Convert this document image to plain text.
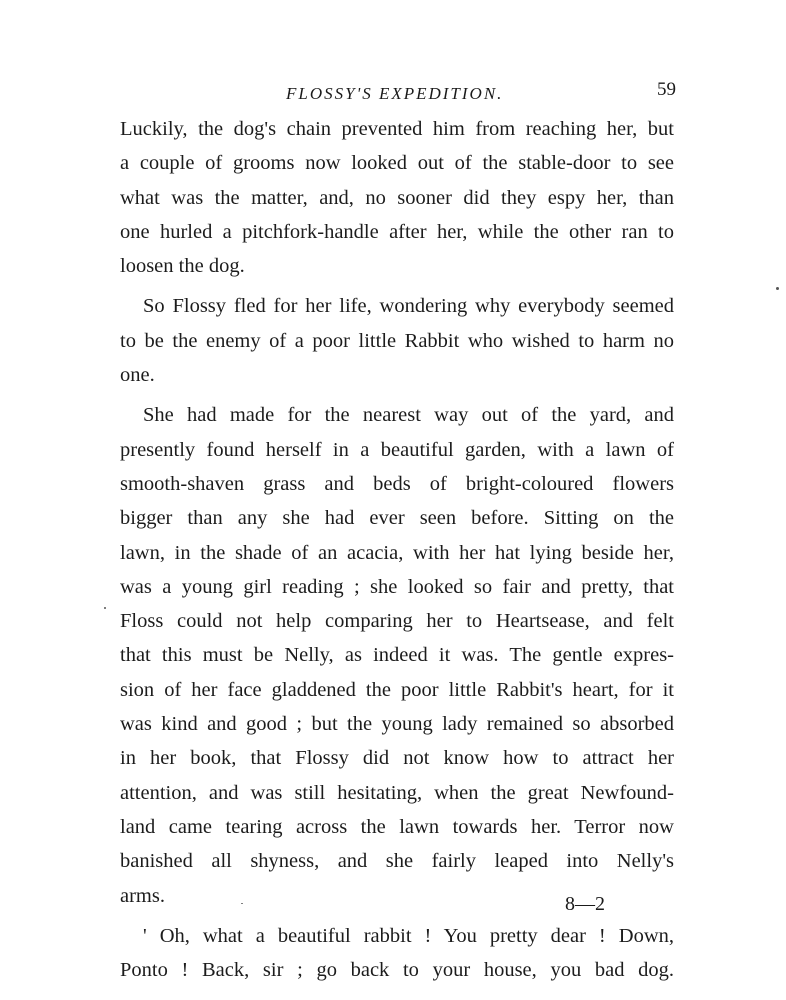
FLOSSY'S EXPEDITION.	59
Luckily, the dog's chain prevented him from reaching her, but
a couple of grooms now looked out of the stable-door to see
what was the matter, and, no sooner did they espy her, than
one hurled a pitchfork-handle after her, while the other ran to
loosen the dog.
So Flossy fled for her life, wondering why everybody seemed
to be the enemy of a poor little Rabbit who wished to harm no
one.
She had made for the nearest way out of the yard, and
presently found herself in a beautiful garden, with a lawn of
smooth-shaven grass and beds of bright-coloured flowers
bigger than any she had ever seen before. Sitting on the
lawn, in the shade of an acacia, with her hat lying beside her,
was a young girl reading ; she looked so fair and pretty, that
Floss could not help comparing her to Heartsease, and felt
that this must be Nelly, as indeed it was. The gentle expres-
sion of her face gladdened the poor little Rabbit's heart, for it
was kind and good ; but the young lady remained so absorbed
in her book, that Flossy did not know how to attract her
attention, and was still hesitating, when the great Newfound-
land came tearing across the lawn towards her. Terror now
banished all shyness, and she fairly leaped into Nelly's
arms.
' Oh, what a beautiful rabbit ! You pretty dear ! Down,
Ponto ! Back, sir ; go back to your house, you bad dog.
8—2
